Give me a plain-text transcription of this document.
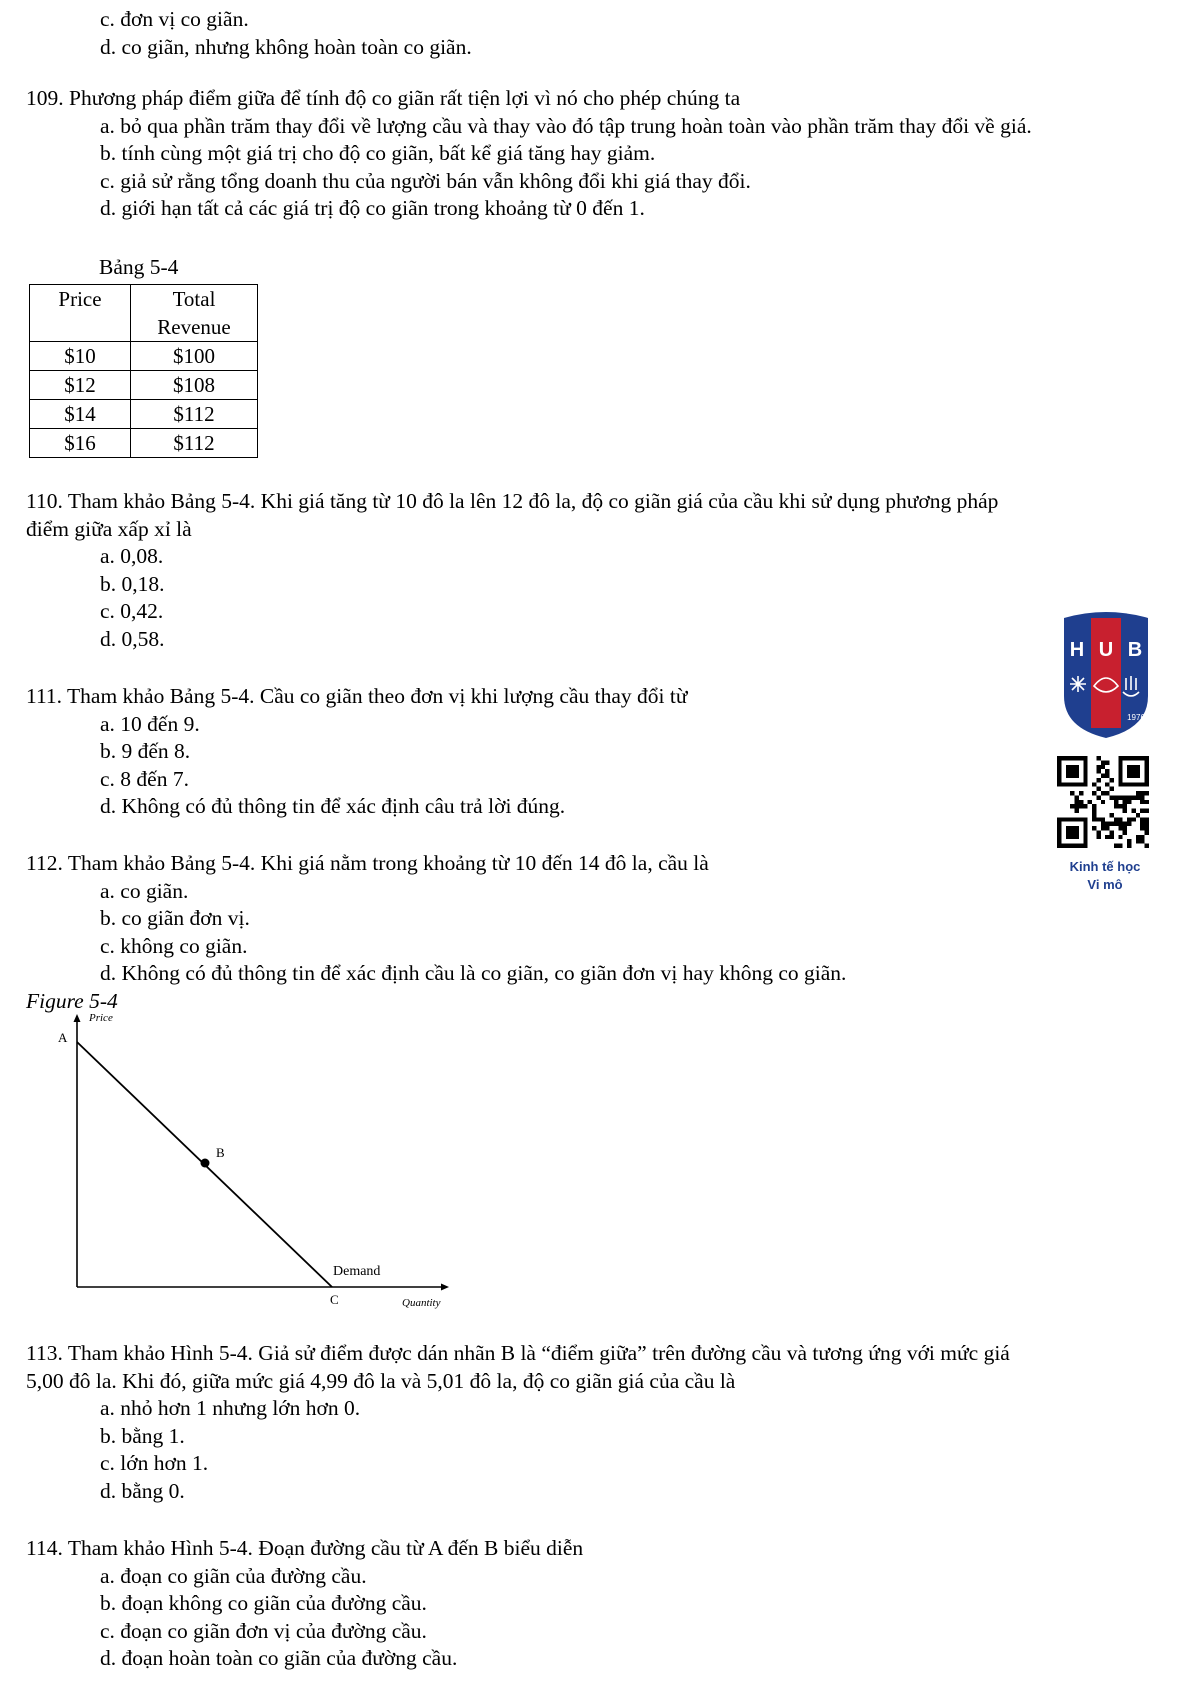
c. đơn vị co giãn.
d. co giãn, nhưng không hoàn toàn co giãn.
109. Phương pháp điểm giữa để tính độ co giãn rất tiện lợi vì nó cho phép chúng ta
a. bỏ qua phần trăm thay đổi về lượng cầu và thay vào đó tập trung hoàn toàn vào phần trăm thay đổi về giá.
b. tính cùng một giá trị cho độ co giãn, bất kể giá tăng hay giảm.
c. giả sử rằng tổng doanh thu của người bán vẫn không đổi khi giá thay đổi.
d. giới hạn tất cả các giá trị độ co giãn trong khoảng từ 0 đến 1.
Bảng 5-4
Price	Total
Revenue

$10	$100
$12	$108
$14	$112
$16	$112
110. Tham khảo Bảng 5-4. Khi giá tăng từ 10 đô la lên 12 đô la, độ co giãn giá của cầu khi sử dụng phương pháp
điểm giữa xấp xỉ là
a. 0,08.
b. 0,18.
c. 0,42.
d. 0,58.
111. Tham khảo Bảng 5-4. Cầu co giãn theo đơn vị khi lượng cầu thay đổi từ
a. 10 đến 9.
b. 9 đến 8.
c. 8 đến 7.
d. Không có đủ thông tin để xác định câu trả lời đúng.
112. Tham khảo Bảng 5-4. Khi giá nằm trong khoảng từ 10 đến 14 đô la, cầu là
a. co giãn.
b. co giãn đơn vị.
c. không co giãn.
d. Không có đủ thông tin để xác định cầu là co giãn, co giãn đơn vị hay không co giãn.
Figure 5-4
Price
A
B
Demand
C	Quantity
113. Tham khảo Hình 5-4. Giả sử điểm được dán nhãn B là “điểm giữa” trên đường cầu và tương ứng với mức giá
5,00 đô la. Khi đó, giữa mức giá 4,99 đô la và 5,01 đô la, độ co giãn giá của cầu là
a. nhỏ hơn 1 nhưng lớn hơn 0.
b. bằng 1.
c. lớn hơn 1.
d. bằng 0.
114. Tham khảo Hình 5-4. Đoạn đường cầu từ A đến B biểu diễn
a. đoạn co giãn của đường cầu.
b. đoạn không co giãn của đường cầu.
c. đoạn co giãn đơn vị của đường cầu.
d. đoạn hoàn toàn co giãn của đường cầu.
H U B
1976
Kinh tế học
Vi mô
